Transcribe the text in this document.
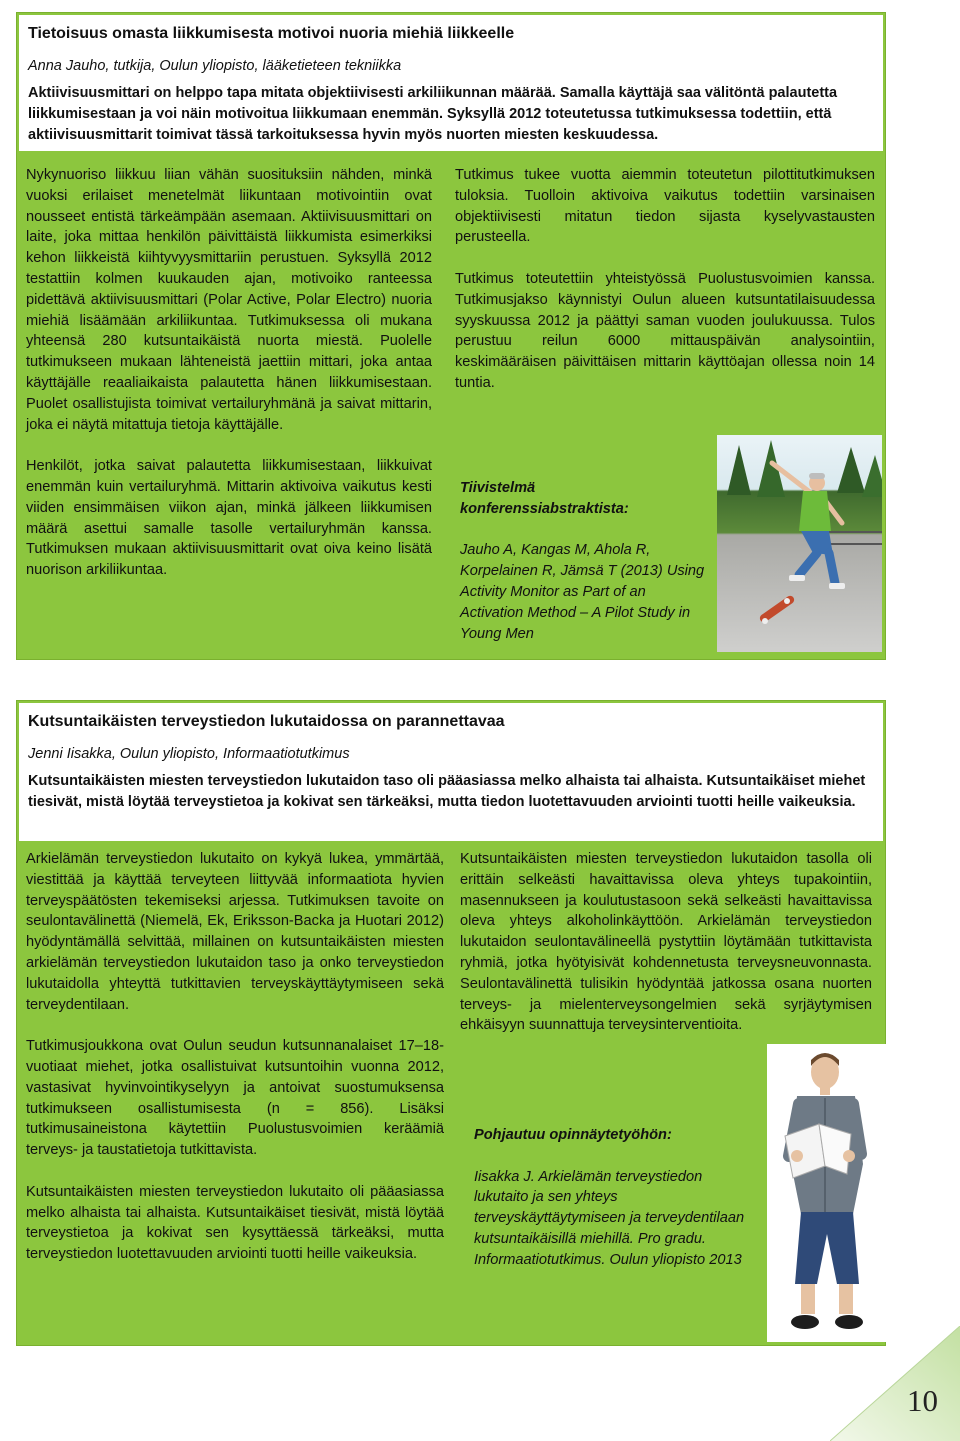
Tietoisuus omasta liikkumisesta motivoi nuoria miehiä liikkeelle

Anna Jauho, tutkija, Oulun yliopisto, lääketieteen tekniikka

Aktiivisuusmittari on helppo tapa mitata objektiivisesti arkiliikunnan määrää. Samalla käyttäjä saa välitöntä palautetta liikkumisestaan ja voi näin motivoitua liikkumaan enemmän. Syksyllä 2012 toteutetussa tutkimuksessa todettiin, että aktiivisuusmittarit toimivat tässä tarkoituksessa hyvin myös nuorten miesten keskuudessa.

Nykynuoriso liikkuu liian vähän suosituksiin nähden, minkä vuoksi erilaiset menetelmät liikuntaan motivointiin ovat nousseet entistä tärkeämpään asemaan. Aktiivisuusmittari on laite, joka mittaa henkilön päivittäistä liikkumista esimerkiksi kehon liikkeistä kiihtyvyysmittariin perustuen. Syksyllä 2012 testattiin kolmen kuukauden ajan, motivoiko ranteessa pidettävä aktiivisuusmittari (Polar Active, Polar Electro) nuoria miehiä lisäämään arkiliikuntaa. Tutkimuksessa oli mukana yhteensä 280 kutsuntaikäistä nuorta miestä. Puolelle tutkimukseen mukaan lähteneistä jaettiin mittari, joka antaa käyttäjälle reaaliaikaista palautetta hänen liikkumisestaan. Puolet osallistujista toimivat vertailuryhmänä ja saivat mittarin, joka ei näytä mitattuja tietoja käyttäjälle.

Henkilöt, jotka saivat palautetta liikkumisestaan, liikkuivat enemmän kuin vertailuryhmä. Mittarin aktivoiva vaikutus kesti viiden ensimmäisen viikon ajan, minkä jälkeen liikkumisen määrä asettui samalle tasolle vertailuryhmän kanssa. Tutkimuksen mukaan aktiivisuusmittarit ovat oiva keino lisätä nuorison arkiliikuntaa.

Tutkimus tukee vuotta aiemmin toteutetun pilottitutkimuksen tuloksia. Tuolloin aktivoiva vaikutus todettiin varsinaisen objektiivisesti mitatun tiedon sijasta kyselyvastausten perusteella.

Tutkimus toteutettiin yhteistyössä Puolustusvoimien kanssa. Tutkimusjakso käynnistyi Oulun alueen kutsuntatilaisuudessa syyskuussa 2012 ja päättyi saman vuoden joulukuussa. Tulos perustuu reilun 6000 mittauspäivän analysointiin, keskimääräisen päivittäisen mittarin käyttöajan ollessa noin 14 tuntia.

Tiivistelmä konferenssiabstraktista:

Jauho A, Kangas M, Ahola R, Korpelainen R, Jämsä T (2013) Using Activity Monitor as Part of an Activation Method – A Pilot Study in Young Men

Kutsuntaikäisten terveystiedon lukutaidossa on parannettavaa

Jenni Iisakka, Oulun yliopisto, Informaatiotutkimus

Kutsuntaikäisten miesten terveystiedon lukutaidon taso oli pääasiassa melko alhaista tai alhaista. Kutsuntaikäiset miehet tiesivät, mistä löytää terveystietoa ja kokivat sen tärkeäksi, mutta tiedon luotettavuuden arviointi tuotti heille vaikeuksia.

Arkielämän terveystiedon lukutaito on kykyä lukea, ymmärtää, viestittää ja käyttää terveyteen liittyvää informaatiota hyvien terveyspäätösten tekemiseksi arjessa. Tutkimuksen tavoite on seulontavälinettä (Niemelä, Ek, Eriksson-Backa ja Huotari 2012) hyödyntämällä selvittää, millainen on kutsuntaikäisten miesten arkielämän terveystiedon lukutaidon taso ja onko terveystiedon lukutaidolla yhteyttä tutkittavien terveyskäyttäytymiseen sekä terveydentilaan.

Tutkimusjoukkona ovat Oulun seudun kutsunnanalaiset 17–18-vuotiaat miehet, jotka osallistuivat kutsuntoihin vuonna 2012, vastasivat hyvinvointikyselyyn ja antoivat suostumuksensa tutkimukseen osallistumisesta (n = 856). Lisäksi tutkimusaineistona käytettiin Puolustusvoimien keräämiä terveys- ja taustatietoja tutkittavista.

Kutsuntaikäisten miesten terveystiedon lukutaito oli pääasiassa melko alhaista tai alhaista. Kutsuntaikäiset tiesivät, mistä löytää terveystietoa ja kokivat sen kysyttäessä tärkeäksi, mutta terveystiedon luotettavuuden arviointi tuotti heille vaikeuksia.

Kutsuntaikäisten miesten terveystiedon lukutaidon tasolla oli erittäin selkeästi havaittavissa oleva yhteys tupakointiin, masennukseen ja koulutustasoon sekä selkeästi havaittavissa oleva yhteys alkoholinkäyttöön. Arkielämän terveystiedon lukutaidon seulontavälineellä pystyttiin löytämään tutkittavista ryhmiä, jotka hyötyisivät kohdennetusta terveysneuvonnasta. Seulontavälinettä tulisikin hyödyntää jatkossa osana nuorten terveys- ja mielenterveysongelmien sekä syrjäytymisen ehkäisyyn suunnattuja terveysinterventioita.

Pohjautuu opinnäytetyöhön:

Iisakka J. Arkielämän terveystiedon lukutaito ja sen yhteys terveyskäyttäytymiseen ja terveydentilaan kutsuntaikäisillä miehillä. Pro gradu. Informaatiotutkimus. Oulun yliopisto 2013

10
